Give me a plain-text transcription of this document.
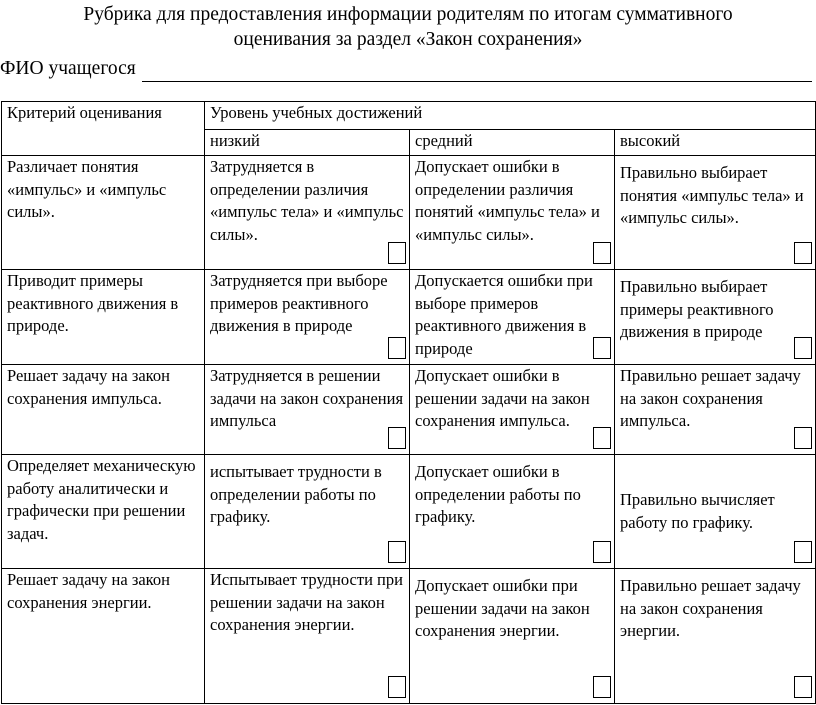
Рубрика для предоставления информации родителям по итогам суммативного
оценивания за раздел «Закон сохранения»
ФИО учащегося
Критерий оценивания	Уровень учебных достижений		
	низкий	средний	высокий
Различает понятия «импульс» и «импульс силы».	Затрудняется в определении различия «импульс тела» и «импульс силы».	Допускает ошибки в определении различия понятий «импульс тела» и «импульс силы».	Правильно выбирает понятия «импульс тела» и «импульс силы».

Приводит примеры реактивного движения в природе.	Затрудняется при выборе примеров реактивного движения в природе	Допускается ошибки при выборе примеров реактивного движения в природе	Правильно выбирает примеры реактивного движения в природе

Решает задачу на закон сохранения импульса.	Затрудняется в решении задачи на закон сохранения импульса	Допускает ошибки в решении задачи на закон сохранения импульса.	Правильно решает задачу на закон сохранения импульса.

Определяет механическую работу аналитически и графически при решении задач.	испытывает трудности в определении работы по графику.	Допускает ошибки в определении работы по графику.	Правильно вычисляет работу по графику.

Решает задачу на закон сохранения энергии.	Испытывает трудности при решении задачи на закон сохранения энергии.	Допускает ошибки при решении задачи на закон сохранения энергии.	Правильно решает задачу на закон сохранения энергии.
